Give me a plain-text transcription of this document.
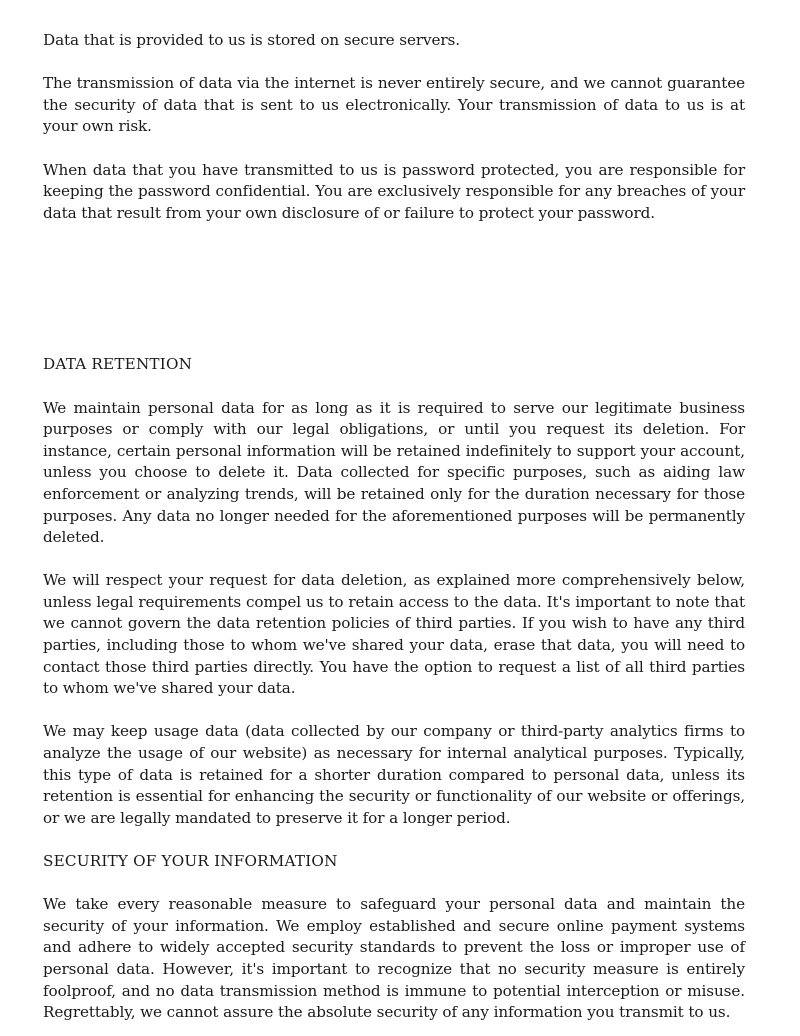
Data that is provided to us is stored on secure servers.

The transmission of data via the internet is never entirely secure, and we cannot guarantee the security of data that is sent to us electronically. Your transmission of data to us is at your own risk.

When data that you have transmitted to us is password protected, you are responsible for keeping the password confidential. You are exclusively responsible for any breaches of your data that result from your own disclosure of or failure to protect your password.

DATA RETENTION

We maintain personal data for as long as it is required to serve our legitimate business purposes or comply with our legal obligations, or until you request its deletion. For instance, certain personal information will be retained indefinitely to support your account, unless you choose to delete it. Data collected for specific purposes, such as aiding law enforcement or analyzing trends, will be retained only for the duration necessary for those purposes. Any data no longer needed for the aforementioned purposes will be permanently deleted.

We will respect your request for data deletion, as explained more comprehensively below, unless legal requirements compel us to retain access to the data. It's important to note that we cannot govern the data retention policies of third parties. If you wish to have any third parties, including those to whom we've shared your data, erase that data, you will need to contact those third parties directly. You have the option to request a list of all third parties to whom we've shared your data.

We may keep usage data (data collected by our company or third-party analytics firms to analyze the usage of our website) as necessary for internal analytical purposes. Typically, this type of data is retained for a shorter duration compared to personal data, unless its retention is essential for enhancing the security or functionality of our website or offerings, or we are legally mandated to preserve it for a longer period.

SECURITY OF YOUR INFORMATION

We take every reasonable measure to safeguard your personal data and maintain the security of your information. We employ established and secure online payment systems and adhere to widely accepted security standards to prevent the loss or improper use of personal data. However, it's important to recognize that no security measure is entirely foolproof, and no data transmission method is immune to potential interception or misuse. Regrettably, we cannot assure the absolute security of any information you transmit to us.
